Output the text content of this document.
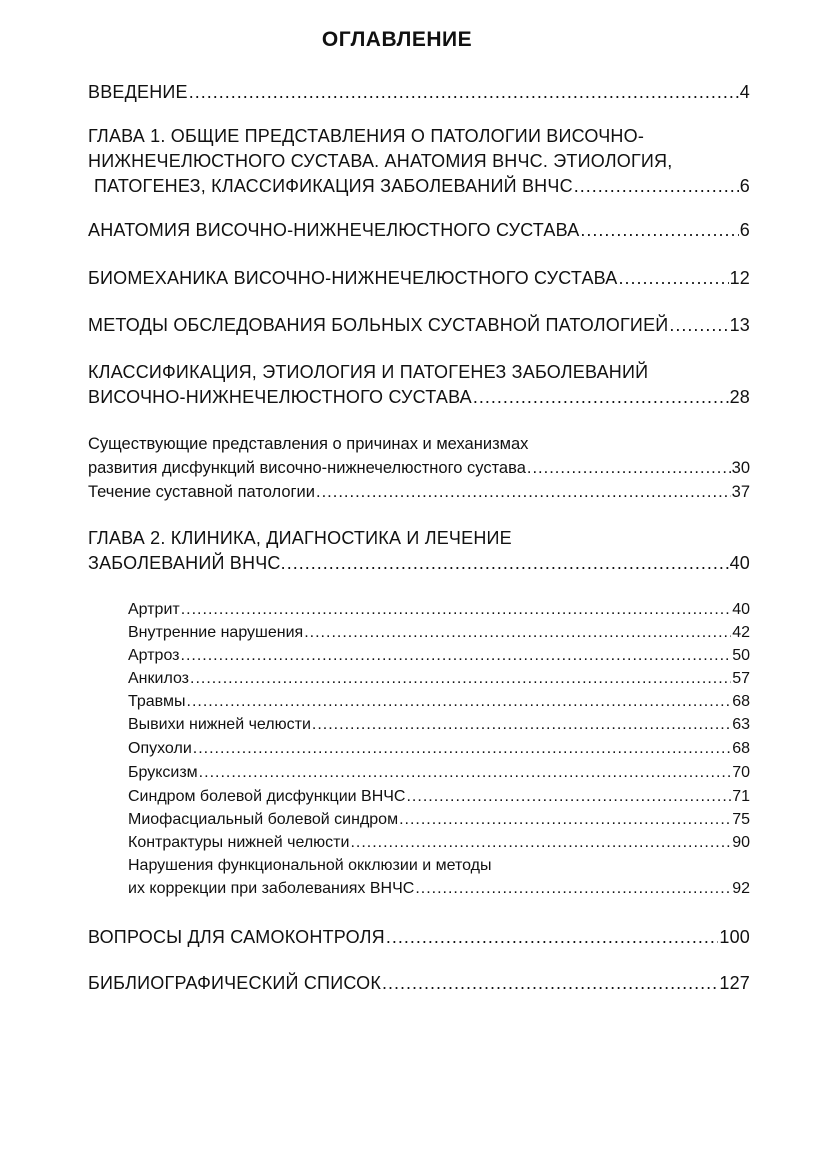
ОГЛАВЛЕНИЕ
ВВЕДЕНИЕ .....	4
ГЛАВА 1. ОБЩИЕ ПРЕДСТАВЛЕНИЯ О ПАТОЛОГИИ ВИСОЧНО-
НИЖНЕЧЕЛЮСТНОГО СУСТАВА. АНАТОМИЯ ВНЧС. ЭТИОЛОГИЯ,
ПАТОГЕНЕЗ, КЛАССИФИКАЦИЯ ЗАБОЛЕВАНИЙ ВНЧС .....	6
АНАТОМИЯ ВИСОЧНО-НИЖНЕЧЕЛЮСТНОГО СУСТАВА .....	6
БИОМЕХАНИКА ВИСОЧНО-НИЖНЕЧЕЛЮСТНОГО СУСТАВА .....	12
МЕТОДЫ ОБСЛЕДОВАНИЯ БОЛЬНЫХ СУСТАВНОЙ ПАТОЛОГИЕЙ .....	13
КЛАССИФИКАЦИЯ, ЭТИОЛОГИЯ И ПАТОГЕНЕЗ ЗАБОЛЕВАНИЙ
ВИСОЧНО-НИЖНЕЧЕЛЮСТНОГО СУСТАВА .....	28
Существующие представления о причинах и механизмах
развития дисфункций височно-нижнечелюстного сустава .....	30
Течение суставной патологии .....	37
ГЛАВА 2. КЛИНИКА, ДИАГНОСТИКА И ЛЕЧЕНИЕ
ЗАБОЛЕВАНИЙ ВНЧС. .....	40
Артрит .....	40
Внутренние нарушения .....	42
Артроз .....	50
Анкилоз .....	57
Травмы .....	68
Вывихи нижней челюсти .....	63
Опухоли .....	68
Бруксизм .....	70
Синдром болевой дисфункции ВНЧС .....	71
Миофасциальный болевой синдром .....	75
Контрактуры нижней челюсти .....	90
Нарушения функциональной окклюзии и методы
их коррекции при заболеваниях ВНЧС .....	92
ВОПРОСЫ ДЛЯ САМОКОНТРОЛЯ .....	100
БИБЛИОГРАФИЧЕСКИЙ СПИСОК .....	127
